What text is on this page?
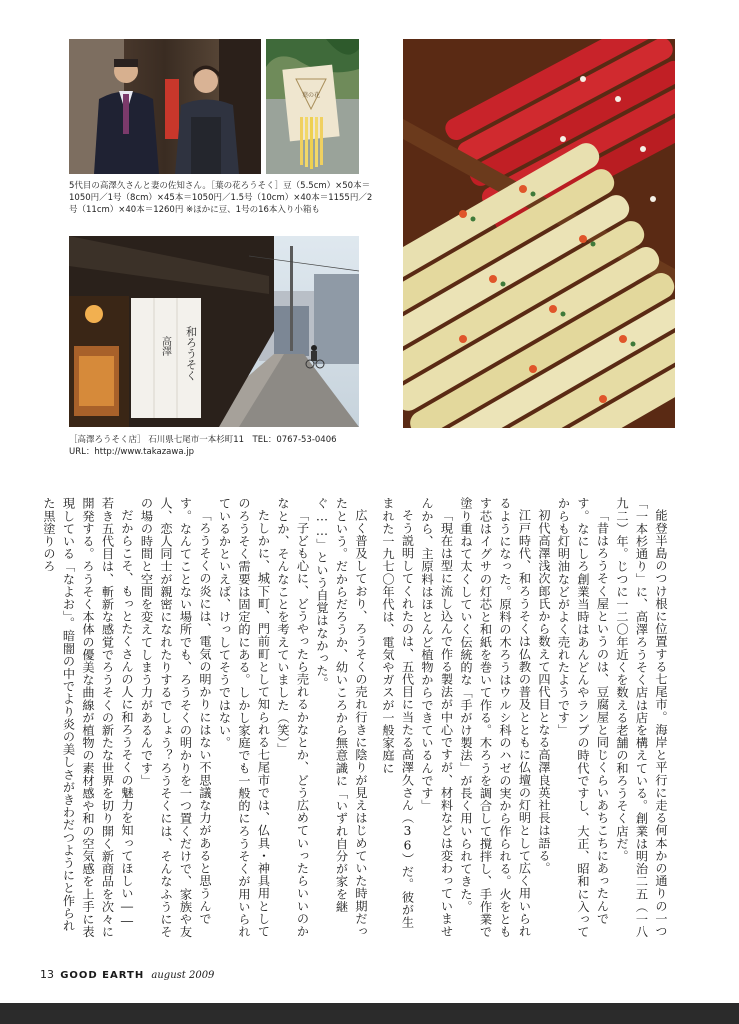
葉の花
5代目の高澤久さんと妻の佐知さん。［葉の花ろうそく］豆（5.5cm）×50本＝
1050円／1号（8cm）×45本＝1050円／1.5号（10cm）×40本＝1155円／2
号（11cm）×40本＝1260円 ※ほかに豆、1号の16本入り小箱も
和ろうそく
高澤
［高澤ろうそく店］ 石川県七尾市一本杉町11　TEL：0767-53-0406
URL：http://www.takazawa.jp

能登半島のつけ根に位置する七尾市。海岸と平行に走る何本かの通りの一つ「一本杉通り」に、高澤ろうそく店は店を構えている。創業は明治二五（一八九二）年。じつに一二〇年近くを数える老舗の和ろうそく店だ。

「昔はろうそく屋というのは、豆腐屋と同じくらいあちこちにあったんです。なにしろ創業当時はあんどんやランプの時代ですし、大正、昭和に入ってからも灯明油などがよく売れたようです」

初代高澤浅次郎氏から数えて四代目となる高澤良英社長は語る。

江戸時代、和ろうそくは仏教の普及とともに仏壇の灯明として広く用いられるようになった。原料の木ろうはウルシ科のハゼの実から作られる。火をともす芯はイグサの灯芯と和紙を巻いて作る。木ろうを調合して撹拌し、手作業で塗り重ねて太くしていく伝統的な「手がけ製法」が長く用いられてきた。

「現在は型に流し込んで作る製法が中心ですが、材料などは変わっていませんから、主原料はほとんど植物からできているんです」

そう説明してくれたのは、五代目に当たる高澤久さん（36）だ。彼が生まれた一九七〇年代は、電気やガスが一般家庭に

広く普及しており、ろうそくの売れ行きに陰りが見えはじめていた時期だったという。だからだろうか、幼いころから無意識に「いずれ自分が家を継ぐ……」という自覚はなかった。

「子ども心に、どうやったら売れるかなとか、どう広めていったらいいのかなとか、そんなことを考えていました（笑）」

たしかに、城下町、門前町として知られる七尾市では、仏具・神具用としてのろうそく需要は固定的にある。しかし家庭でも一般的にろうそくが用いられているかといえば、けっしてそうではない。

「ろうそくの炎には、電気の明かりにはない不思議な力があると思うんです。なんてことない場所でも、ろうそくの明かりを一つ置くだけで、家族や友人、恋人同士が親密になれたりするでしょう？ろうそくには、そんなふうにその場の時間と空間を変えてしまう力があるんです」

だからこそ、もっとたくさんの人に和ろうそくの魅力を知ってほしい――若き五代目は、斬新な感覚でろうそくの新たな世界を切り開く新商品を次々に開発する。ろうそく本体の優美な曲線が植物の素材感や和の空気感を上手に表現している「なよお」。暗闇の中でより炎の美しさがきわだつようにと作られた黒塗りのろ

13 GOOD EARTH august 2009
